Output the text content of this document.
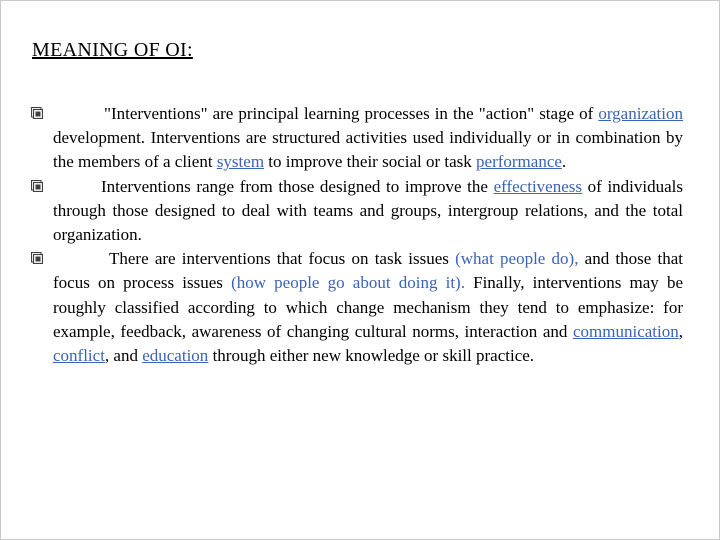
MEANING OF OI:
"Interventions" are principal learning processes in the "action" stage of organization development. Interventions are structured activities used individually or in combination by the members of a client system to improve their social or task performance.
Interventions range from those designed to improve the effectiveness of individuals through those designed to deal with teams and groups, intergroup relations, and the total organization.
There are interventions that focus on task issues (what people do), and those that focus on process issues (how people go about doing it). Finally, interventions may be roughly classified according to which change mechanism they tend to emphasize: for example, feedback, awareness of changing cultural norms, interaction and communication, conflict, and education through either new knowledge or skill practice.
